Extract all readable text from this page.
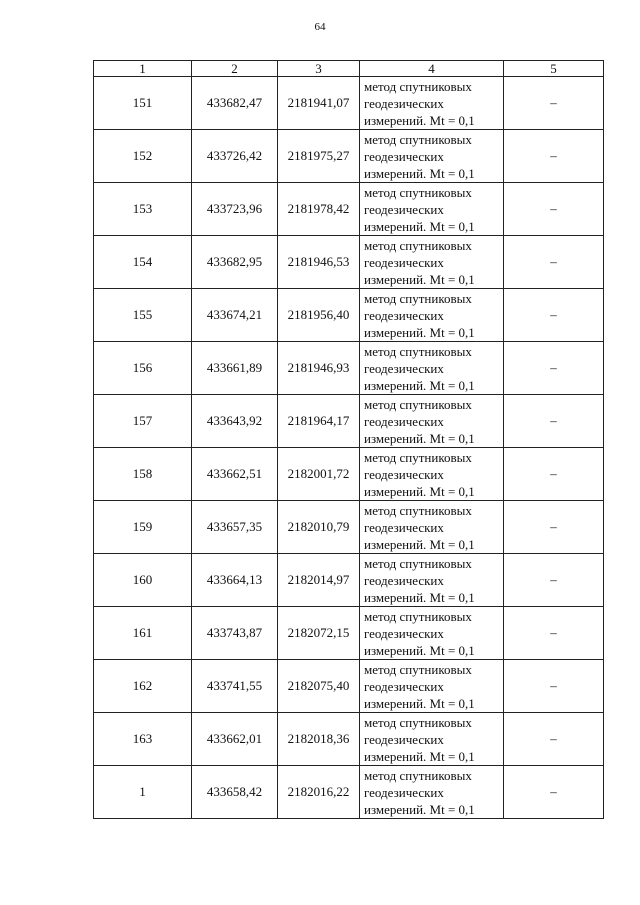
64
1	2	3	4	5
151	433682,47	2181941,07	метод спутниковых
геодезических
измерений. Mt = 0,1	–
152	433726,42	2181975,27	метод спутниковых
геодезических
измерений. Mt = 0,1	–
153	433723,96	2181978,42	метод спутниковых
геодезических
измерений. Mt = 0,1	–
154	433682,95	2181946,53	метод спутниковых
геодезических
измерений. Mt = 0,1	–
155	433674,21	2181956,40	метод спутниковых
геодезических
измерений. Mt = 0,1	–
156	433661,89	2181946,93	метод спутниковых
геодезических
измерений. Mt = 0,1	–
157	433643,92	2181964,17	метод спутниковых
геодезических
измерений. Mt = 0,1	–
158	433662,51	2182001,72	метод спутниковых
геодезических
измерений. Mt = 0,1	–
159	433657,35	2182010,79	метод спутниковых
геодезических
измерений. Mt = 0,1	–
160	433664,13	2182014,97	метод спутниковых
геодезических
измерений. Mt = 0,1	–
161	433743,87	2182072,15	метод спутниковых
геодезических
измерений. Mt = 0,1	–
162	433741,55	2182075,40	метод спутниковых
геодезических
измерений. Mt = 0,1	–
163	433662,01	2182018,36	метод спутниковых
геодезических
измерений. Mt = 0,1	–
1	433658,42	2182016,22	метод спутниковых
геодезических
измерений. Mt = 0,1	–
